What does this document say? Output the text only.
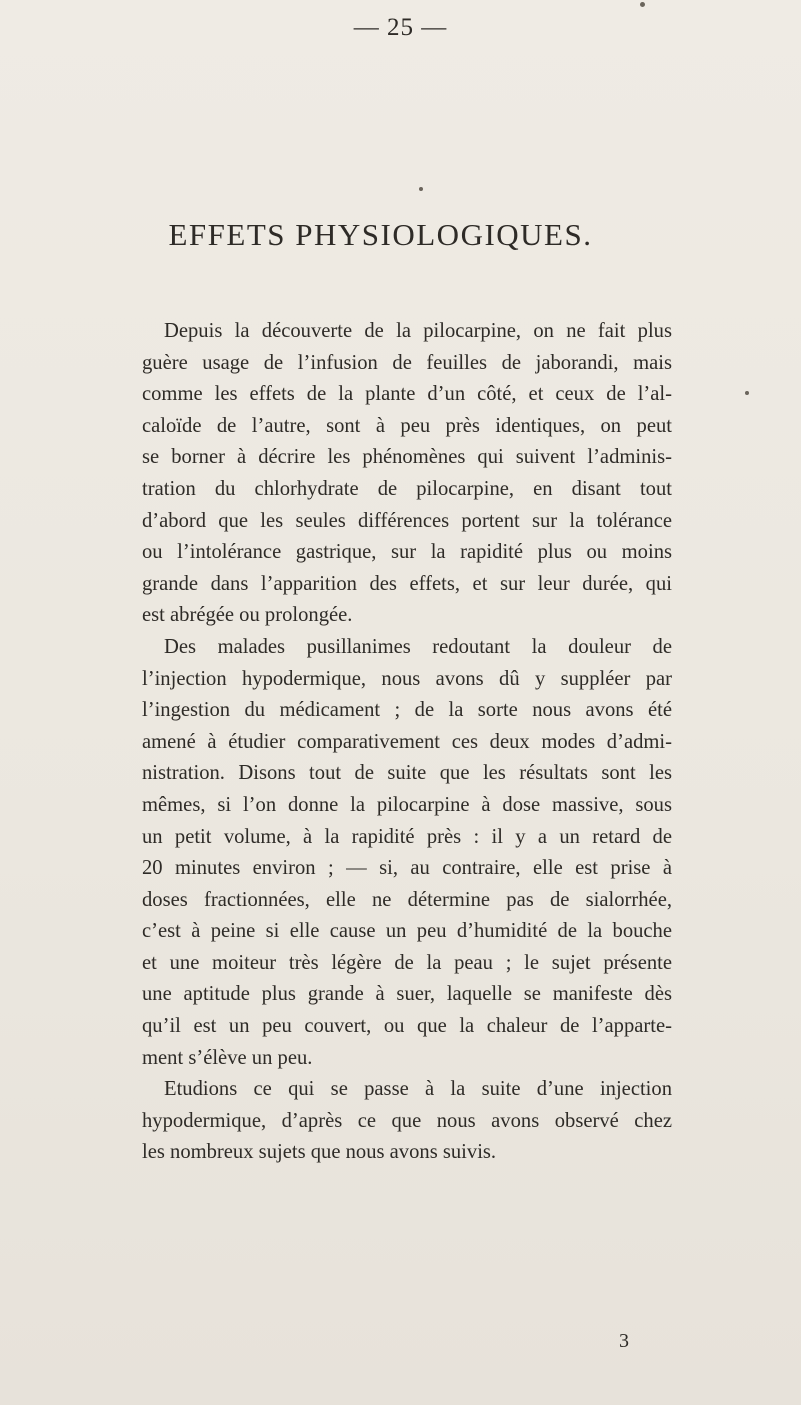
— 25 —
EFFETS PHYSIOLOGIQUES.
Depuis la découverte de la pilocarpine, on ne fait plus
guère usage de l’infusion de feuilles de jaborandi, mais
comme les effets de la plante d’un côté, et ceux de l’al-
caloïde de l’autre, sont à peu près identiques, on peut
se borner à décrire les phénomènes qui suivent l’adminis-
tration du chlorhydrate de pilocarpine, en disant tout
d’abord que les seules différences portent sur la tolérance
ou l’intolérance gastrique, sur la rapidité plus ou moins
grande dans l’apparition des effets, et sur leur durée, qui
est abrégée ou prolongée.
Des malades pusillanimes redoutant la douleur de
l’injection hypodermique, nous avons dû y suppléer par
l’ingestion du médicament ; de la sorte nous avons été
amené à étudier comparativement ces deux modes d’admi-
nistration. Disons tout de suite que les résultats sont les
mêmes, si l’on donne la pilocarpine à dose massive, sous
un petit volume, à la rapidité près : il y a un retard de
20 minutes environ ; — si, au contraire, elle est prise à
doses fractionnées, elle ne détermine pas de sialorrhée,
c’est à peine si elle cause un peu d’humidité de la bouche
et une moiteur très légère de la peau ; le sujet présente
une aptitude plus grande à suer, laquelle se manifeste dès
qu’il est un peu couvert, ou que la chaleur de l’apparte-
ment s’élève un peu.
Etudions ce qui se passe à la suite d’une injection
hypodermique, d’après ce que nous avons observé chez
les nombreux sujets que nous avons suivis.
3
